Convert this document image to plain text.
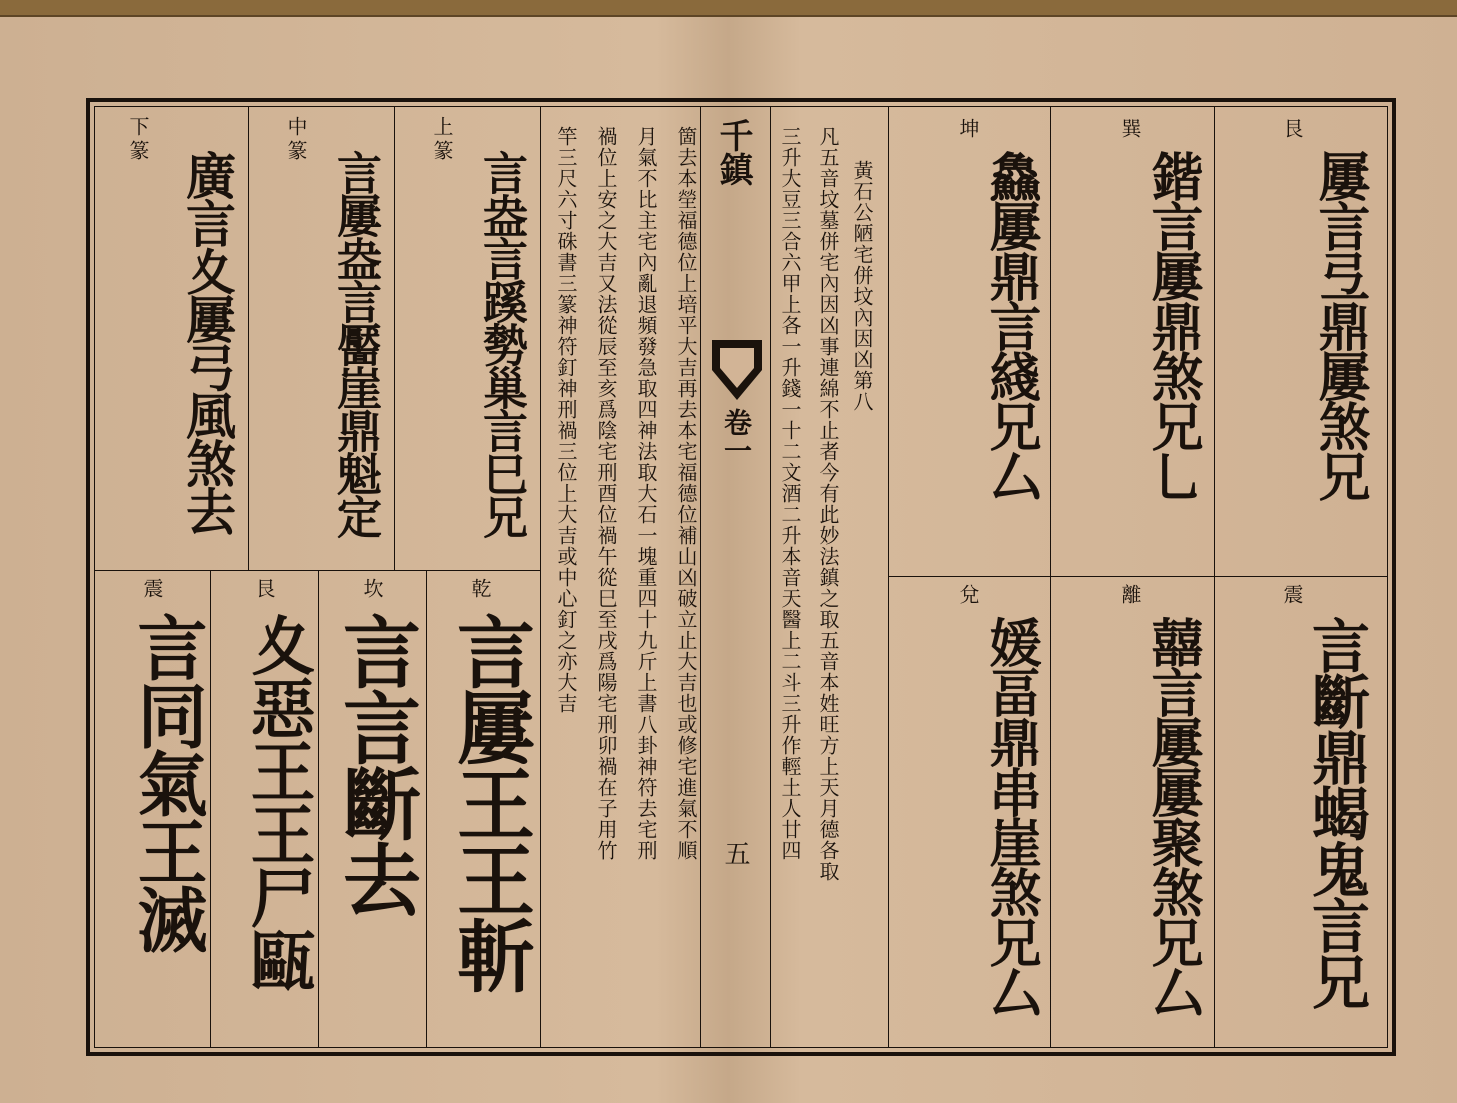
下篆
廣言夊屢弓風煞去
中篆
言屢盎言靨崖鼎魁定
上篆
言盎言蹊勢巢言巳兄
震
言同氣王滅
艮
夊惡王王尸甌
坎
言言斷去
乾
言屢王王斬	箇去本塋福德位上培平大吉再去本宅福德位補山凶破立止大吉也或修宅進氣不順
月氣不比主宅內亂退頻發急取四神法取大石一塊重四十九斤上書八卦神符去宅刑
禍位上安之大吉又法從辰至亥爲陰宅刑酉位禍午從巳至戌爲陽宅刑卯禍在子用竹
竿三尺六寸硃書三篆神符釘神刑禍三位上大吉或中心釘之亦大吉	千鎮
卷一
五
黃石公陋宅併坟內因凶第八
凡五音坟墓併宅內因凶事連綿不止者今有此妙法鎮之取五音本姓旺方上天月德各取
三升大豆三合六甲上各一升錢一十二文酒二升本音天醫上二斗三升作輕土人廿四	坤
鱻屢鼎言綫兄厶
巽
鍇言屢鼎煞兄乚
艮
屢言弖鼎屢煞兄
兌
媛畐鼎串崖煞兄厶
離
囍言屢屢聚煞兄厶
震
言斷鼎蝎鬼言兄
